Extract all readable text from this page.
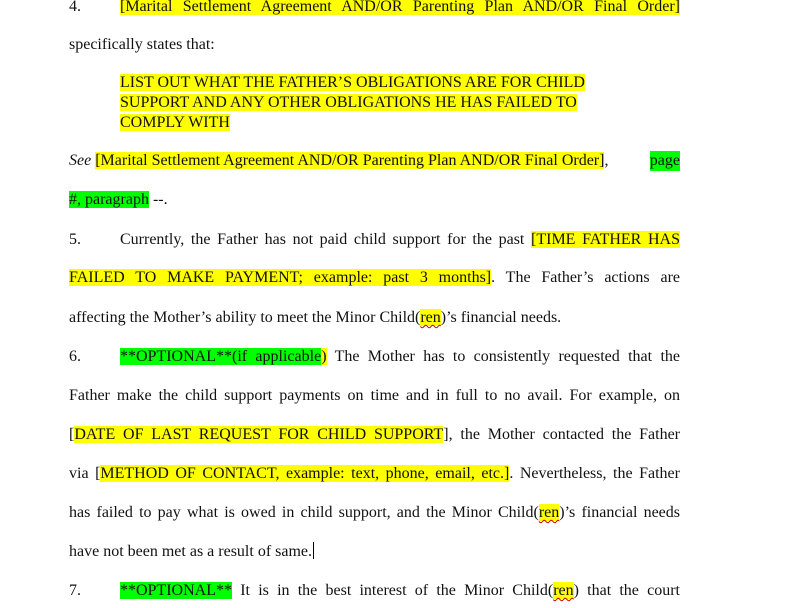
4. [Marital Settlement Agreement AND/OR Parenting Plan AND/OR Final Order]
specifically states that:
LIST OUT WHAT THE FATHER’S OBLIGATIONS ARE FOR CHILD
SUPPORT AND ANY OTHER OBLIGATIONS HE HAS FAILED TO
COMPLY WITH
See [Marital Settlement Agreement AND/OR Parenting Plan AND/OR Final Order],	page
#, paragraph --.
5. Currently, the Father has not paid child support for the past [TIME FATHER HAS
FAILED TO MAKE PAYMENT; example: past 3 months]. The Father’s actions are
affecting the Mother’s ability to meet the Minor Child(ren)’s financial needs.
6. **OPTIONAL**(if applicable) The Mother has to consistently requested that the
Father make the child support payments on time and in full to no avail. For example, on
[DATE OF LAST REQUEST FOR CHILD SUPPORT], the Mother contacted the Father
via [METHOD OF CONTACT, example: text, phone, email, etc.]. Nevertheless, the Father
has failed to pay what is owed in child support, and the Minor Child(ren)’s financial needs
have not been met as a result of same.
7. **OPTIONAL** It is in the best interest of the Minor Child(ren) that the court
